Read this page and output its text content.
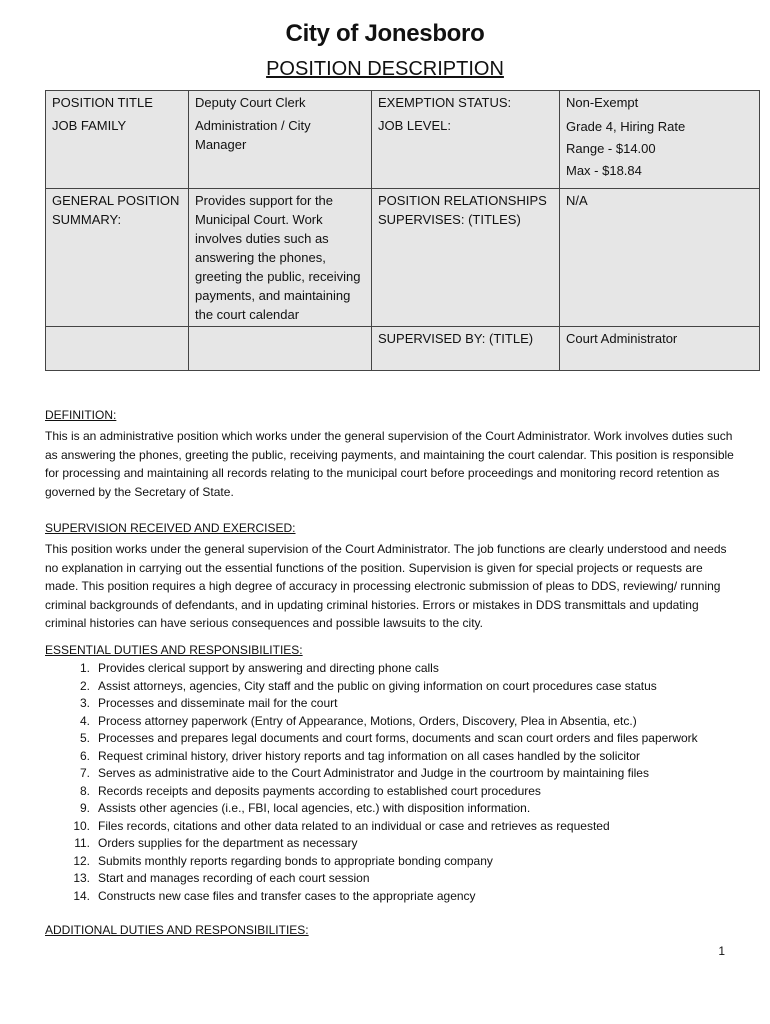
City of Jonesboro
POSITION DESCRIPTION
POSITION TITLE	Deputy Court Clerk	EXEMPTION STATUS:	Non-Exempt
JOB FAMILY	Administration / City Manager	JOB LEVEL:	Grade 4, Hiring Rate
Range - $14.00
Max - $18.84

GENERAL POSITION SUMMARY:	Provides support for the Municipal Court. Work involves duties such as answering the phones, greeting the public, receiving payments, and maintaining the court calendar	POSITION RELATIONSHIPS SUPERVISES: (TITLES)	N/A
		SUPERVISED BY: (TITLE)	Court Administrator
DEFINITION:
This is an administrative position which works under the general supervision of the Court Administrator. Work involves duties such as answering the phones, greeting the public, receiving payments, and maintaining the court calendar. This position is responsible for processing and maintaining all records relating to the municipal court before proceedings and monitoring record retention as governed by the Secretary of State.
SUPERVISION RECEIVED AND EXERCISED:
This position works under the general supervision of the Court Administrator. The job functions are clearly understood and needs no explanation in carrying out the essential functions of the position. Supervision is given for special projects or requests are made. This position requires a high degree of accuracy in processing electronic submission of pleas to DDS, reviewing/ running criminal backgrounds of defendants, and in updating criminal histories. Errors or mistakes in DDS transmittals and updating criminal histories can have serious consequences and possible lawsuits to the city.
ESSENTIAL DUTIES AND RESPONSIBILITIES:
1. Provides clerical support by answering and directing phone calls
2. Assist attorneys, agencies, City staff and the public on giving information on court procedures case status
3. Processes and disseminate mail for the court
4. Process attorney paperwork (Entry of Appearance, Motions, Orders, Discovery, Plea in Absentia, etc.)
5. Processes and prepares legal documents and court forms, documents and scan court orders and files paperwork
6. Request criminal history, driver history reports and tag information on all cases handled by the solicitor
7. Serves as administrative aide to the Court Administrator and Judge in the courtroom by maintaining files
8. Records receipts and deposits payments according to established court procedures
9. Assists other agencies (i.e., FBI, local agencies, etc.) with disposition information.
10. Files records, citations and other data related to an individual or case and retrieves as requested
11. Orders supplies for the department as necessary
12. Submits monthly reports regarding bonds to appropriate bonding company
13. Start and manages recording of each court session
14. Constructs new case files and transfer cases to the appropriate agency
ADDITIONAL DUTIES AND RESPONSIBILITIES:
1
